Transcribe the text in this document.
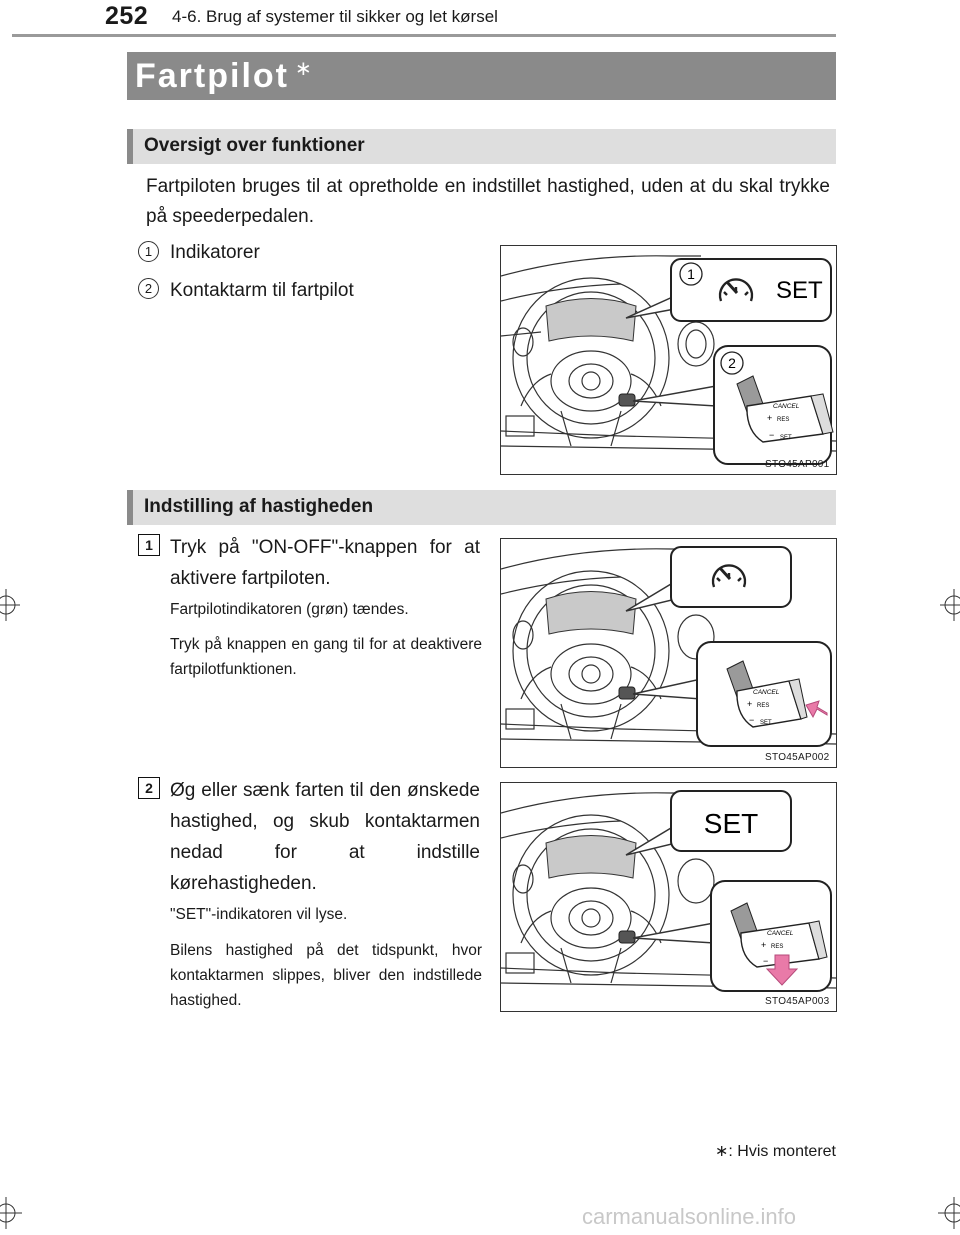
252 4-6. Brug af systemer til sikker og let kørsel
Fartpilot ∗
Oversigt over funktioner
Fartpiloten bruges til at opretholde en indstillet hastighed, uden at du skal trykke på speederpedalen.
1 Indikatorer
2 Kontaktarm til fartpilot
1
SET
2
CANCEL
+ RES
− SET
STO45AP001
Indstilling af hastigheden
1 Tryk på "ON-OFF"-knappen for at aktivere fartpiloten.
Fartpilotindikatoren (grøn) tændes.
Tryk på knappen en gang til for at deaktivere fartpilotfunktionen.
CANCEL
+ RES
− SET
STO45AP002
2 Øg eller sænk farten til den ønskede hastighed, og skub kontaktarmen nedad for at indstille kørehastigheden.
"SET"-indikatoren vil lyse.
Bilens hastighed på det tidspunkt, hvor kontaktarmen slippes, bliver den indstillede hastighed.
SET
CANCEL
+ RES
−
STO45AP003
∗: Hvis monteret
carmanualsonline.info
